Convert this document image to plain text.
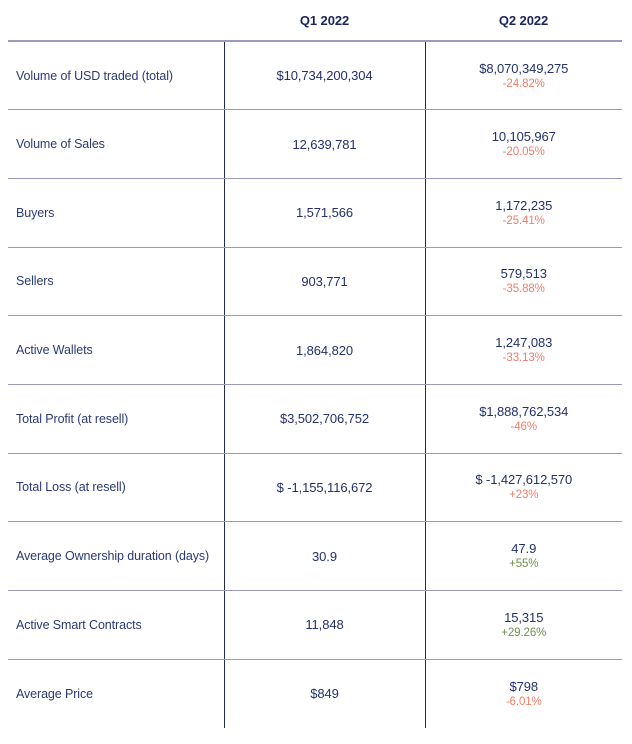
	Q1 2022	Q2 2022

Volume of USD traded (total)	$10,734,200,304	$8,070,349,275
-24.82%

Volume of Sales	12,639,781	10,105,967
-20.05%

Buyers	1,571,566	1,172,235
-25.41%

Sellers	903,771	579,513
-35.88%

Active Wallets	1,864,820	1,247,083
-33.13%

Total Profit (at resell)	$3,502,706,752	$1,888,762,534
-46%

Total Loss (at resell)	$ -1,155,116,672	$ -1,427,612,570
+23%

Average Ownership duration (days)	30.9	47.9
+55%

Active Smart Contracts	11,848	15,315
+29.26%

Average Price	$849	$798
-6.01%
